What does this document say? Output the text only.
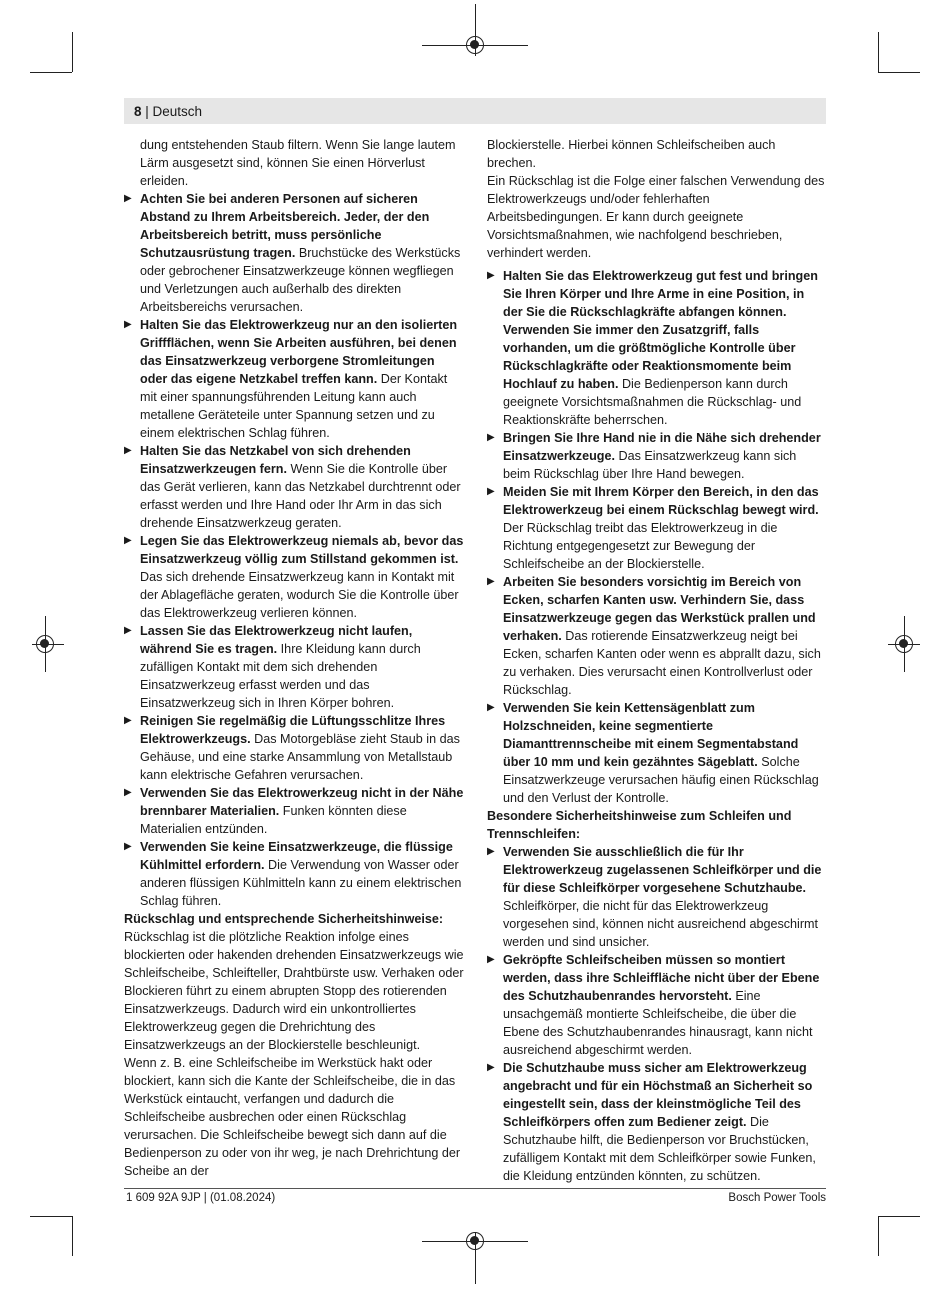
8 | Deutsch

dung entstehenden Staub filtern. Wenn Sie lange lautem Lärm ausgesetzt sind, können Sie einen Hörverlust erleiden.

▶ Achten Sie bei anderen Personen auf sicheren Abstand zu Ihrem Arbeitsbereich. Jeder, der den Arbeitsbereich betritt, muss persönliche Schutzausrüstung tragen. Bruchstücke des Werkstücks oder gebrochener Einsatzwerkzeuge können wegfliegen und Verletzungen auch außerhalb des direkten Arbeitsbereichs verursachen.

▶ Halten Sie das Elektrowerkzeug nur an den isolierten Griffflächen, wenn Sie Arbeiten ausführen, bei denen das Einsatzwerkzeug verborgene Stromleitungen oder das eigene Netzkabel treffen kann. Der Kontakt mit einer spannungsführenden Leitung kann auch metallene Geräteteile unter Spannung setzen und zu einem elektrischen Schlag führen.

▶ Halten Sie das Netzkabel von sich drehenden Einsatzwerkzeugen fern. Wenn Sie die Kontrolle über das Gerät verlieren, kann das Netzkabel durchtrennt oder erfasst werden und Ihre Hand oder Ihr Arm in das sich drehende Einsatzwerkzeug geraten.

▶ Legen Sie das Elektrowerkzeug niemals ab, bevor das Einsatzwerkzeug völlig zum Stillstand gekommen ist. Das sich drehende Einsatzwerkzeug kann in Kontakt mit der Ablagefläche geraten, wodurch Sie die Kontrolle über das Elektrowerkzeug verlieren können.

▶ Lassen Sie das Elektrowerkzeug nicht laufen, während Sie es tragen. Ihre Kleidung kann durch zufälligen Kontakt mit dem sich drehenden Einsatzwerkzeug erfasst werden und das Einsatzwerkzeug sich in Ihren Körper bohren.

▶ Reinigen Sie regelmäßig die Lüftungsschlitze Ihres Elektrowerkzeugs. Das Motorgebläse zieht Staub in das Gehäuse, und eine starke Ansammlung von Metallstaub kann elektrische Gefahren verursachen.

▶ Verwenden Sie das Elektrowerkzeug nicht in der Nähe brennbarer Materialien. Funken könnten diese Materialien entzünden.

▶ Verwenden Sie keine Einsatzwerkzeuge, die flüssige Kühlmittel erfordern. Die Verwendung von Wasser oder anderen flüssigen Kühlmitteln kann zu einem elektrischen Schlag führen.

Rückschlag und entsprechende Sicherheitshinweise:

Rückschlag ist die plötzliche Reaktion infolge eines blockierten oder hakenden drehenden Einsatzwerkzeugs wie Schleifscheibe, Schleifteller, Drahtbürste usw. Verhaken oder Blockieren führt zu einem abrupten Stopp des rotierenden Einsatzwerkzeugs. Dadurch wird ein unkontrolliertes Elektrowerkzeug gegen die Drehrichtung des Einsatzwerkzeugs an der Blockierstelle beschleunigt.

Wenn z. B. eine Schleifscheibe im Werkstück hakt oder blockiert, kann sich die Kante der Schleifscheibe, die in das Werkstück eintaucht, verfangen und dadurch die Schleifscheibe ausbrechen oder einen Rückschlag verursachen. Die Schleifscheibe bewegt sich dann auf die Bedienperson zu oder von ihr weg, je nach Drehrichtung der Scheibe an der

Blockierstelle. Hierbei können Schleifscheiben auch brechen.

Ein Rückschlag ist die Folge einer falschen Verwendung des Elektrowerkzeugs und/oder fehlerhaften Arbeitsbedingungen. Er kann durch geeignete Vorsichtsmaßnahmen, wie nachfolgend beschrieben, verhindert werden.

▶ Halten Sie das Elektrowerkzeug gut fest und bringen Sie Ihren Körper und Ihre Arme in eine Position, in der Sie die Rückschlagkräfte abfangen können. Verwenden Sie immer den Zusatzgriff, falls vorhanden, um die größtmögliche Kontrolle über Rückschlagkräfte oder Reaktionsmomente beim Hochlauf zu haben. Die Bedienperson kann durch geeignete Vorsichtsmaßnahmen die Rückschlag- und Reaktionskräfte beherrschen.

▶ Bringen Sie Ihre Hand nie in die Nähe sich drehender Einsatzwerkzeuge. Das Einsatzwerkzeug kann sich beim Rückschlag über Ihre Hand bewegen.

▶ Meiden Sie mit Ihrem Körper den Bereich, in den das Elektrowerkzeug bei einem Rückschlag bewegt wird. Der Rückschlag treibt das Elektrowerkzeug in die Richtung entgegengesetzt zur Bewegung der Schleifscheibe an der Blockierstelle.

▶ Arbeiten Sie besonders vorsichtig im Bereich von Ecken, scharfen Kanten usw. Verhindern Sie, dass Einsatzwerkzeuge gegen das Werkstück prallen und verhaken. Das rotierende Einsatzwerkzeug neigt bei Ecken, scharfen Kanten oder wenn es abprallt dazu, sich zu verhaken. Dies verursacht einen Kontrollverlust oder Rückschlag.

▶ Verwenden Sie kein Kettensägenblatt zum Holzschneiden, keine segmentierte Diamanttrennscheibe mit einem Segmentabstand über 10 mm und kein gezähntes Sägeblatt. Solche Einsatzwerkzeuge verursachen häufig einen Rückschlag und den Verlust der Kontrolle.

Besondere Sicherheitshinweise zum Schleifen und Trennschleifen:

▶ Verwenden Sie ausschließlich die für Ihr Elektrowerkzeug zugelassenen Schleifkörper und die für diese Schleifkörper vorgesehene Schutzhaube. Schleifkörper, die nicht für das Elektrowerkzeug vorgesehen sind, können nicht ausreichend abgeschirmt werden und sind unsicher.

▶ Gekröpfte Schleifscheiben müssen so montiert werden, dass ihre Schleiffläche nicht über der Ebene des Schutzhaubenrandes hervorsteht. Eine unsachgemäß montierte Schleifscheibe, die über die Ebene des Schutzhaubenrandes hinausragt, kann nicht ausreichend abgeschirmt werden.

▶ Die Schutzhaube muss sicher am Elektrowerkzeug angebracht und für ein Höchstmaß an Sicherheit so eingestellt sein, dass der kleinstmögliche Teil des Schleifkörpers offen zum Bediener zeigt. Die Schutzhaube hilft, die Bedienperson vor Bruchstücken, zufälligem Kontakt mit dem Schleifkörper sowie Funken, die Kleidung entzünden könnten, zu schützen.

1 609 92A 9JP | (01.08.2024)	Bosch Power Tools
